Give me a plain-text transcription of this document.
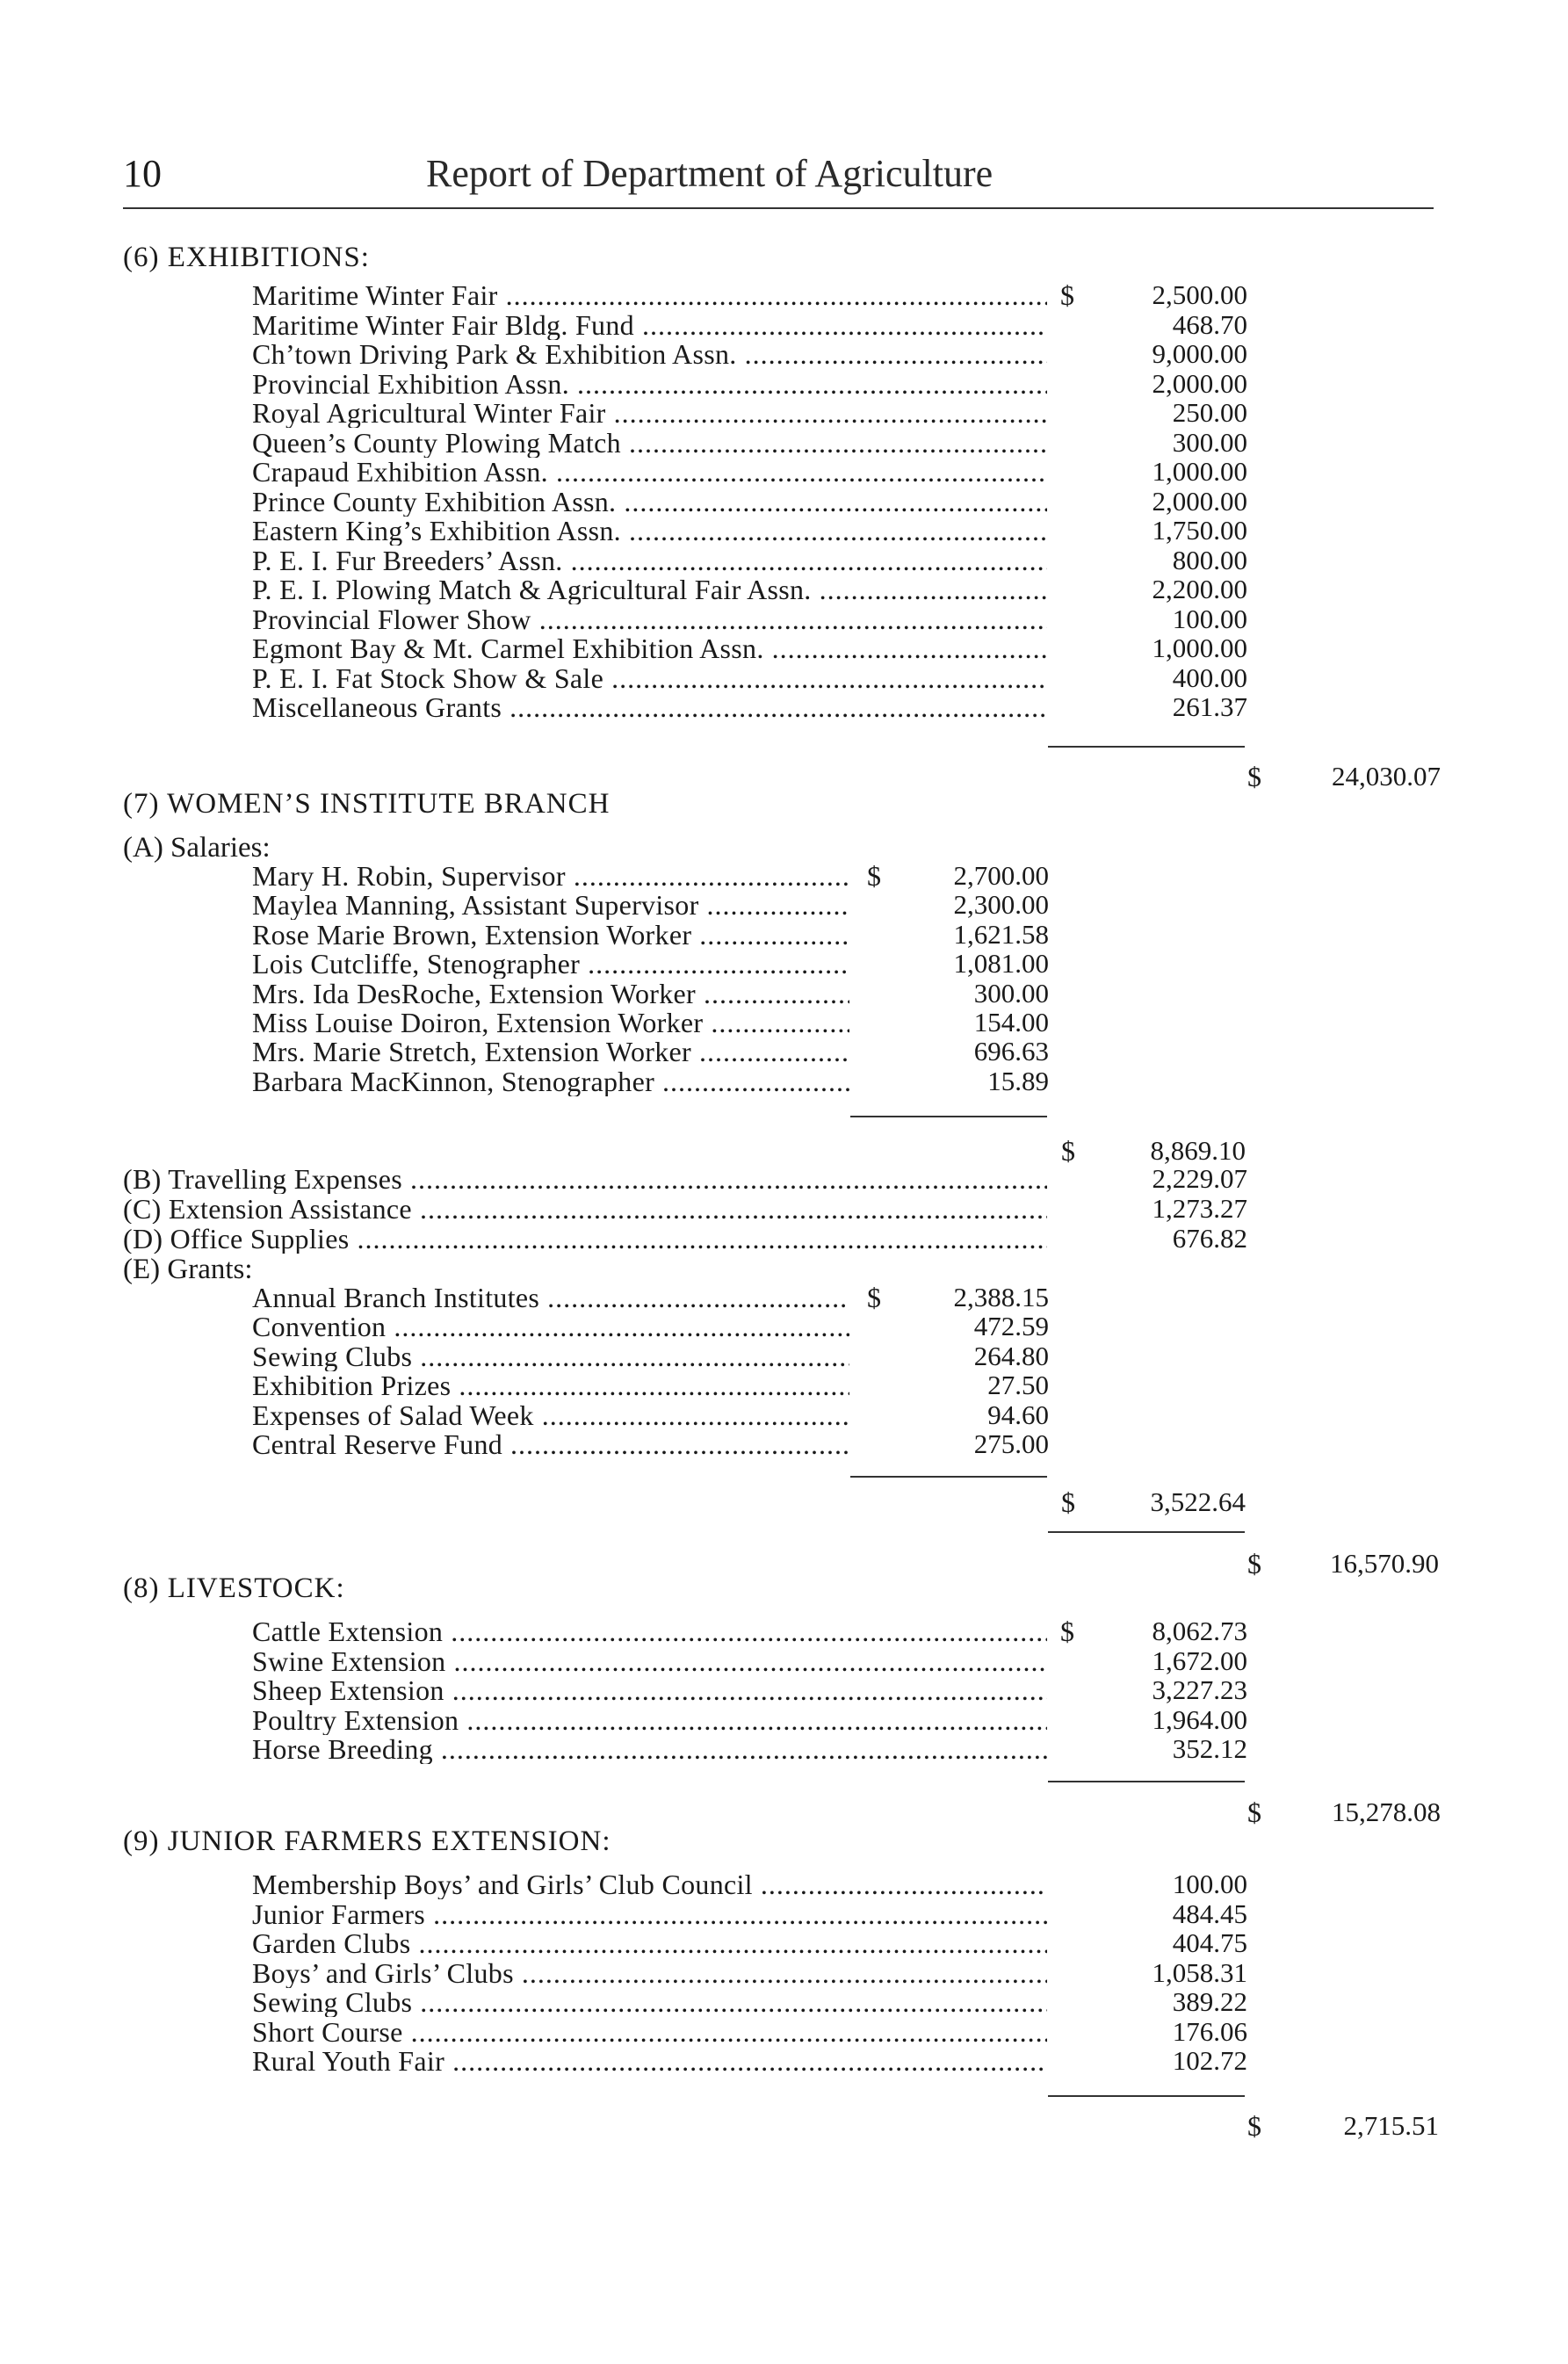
10	Report of Department of Agriculture
(6) EXHIBITIONS:
Maritime Winter Fair .....	$	2,500.00
Maritime Winter Fair Bldg. Fund .....	468.70
Ch’town Driving Park & Exhibition Assn. .....	9,000.00
Provincial Exhibition Assn. .....	2,000.00
Royal Agricultural Winter Fair .....	250.00
Queen’s County Plowing Match .....	300.00
Crapaud Exhibition Assn. .....	1,000.00
Prince County Exhibition Assn. .....	2,000.00
Eastern King’s Exhibition Assn. .....	1,750.00
P. E. I. Fur Breeders’ Assn. .....	800.00
P. E. I. Plowing Match & Agricultural Fair Assn. .....	2,200.00
Provincial Flower Show .....	100.00
Egmont Bay & Mt. Carmel Exhibition Assn. .....	1,000.00
P. E. I. Fat Stock Show & Sale .....	400.00
Miscellaneous Grants .....	261.37
$	24,030.07
(7) WOMEN’S INSTITUTE BRANCH
(A) Salaries:
Mary H. Robin, Supervisor .....	$	2,700.00
Maylea Manning, Assistant Supervisor .....	2,300.00
Rose Marie Brown, Extension Worker .....	1,621.58
Lois Cutcliffe, Stenographer .....	1,081.00
Mrs. Ida DesRoche, Extension Worker .....	300.00
Miss Louise Doiron, Extension Worker .....	154.00
Mrs. Marie Stretch, Extension Worker .....	696.63
Barbara MacKinnon, Stenographer .....	15.89
$	8,869.10
(B) Travelling Expenses .....	2,229.07
(C) Extension Assistance .....	1,273.27
(D) Office Supplies .....	676.82
(E) Grants:
Annual Branch Institutes .....	$	2,388.15
Convention .....	472.59
Sewing Clubs .....	264.80
Exhibition Prizes .....	27.50
Expenses of Salad Week .....	94.60
Central Reserve Fund .....	275.00
$	3,522.64
$	16,570.90
(8) LIVESTOCK:
Cattle Extension .....	$	8,062.73
Swine Extension .....	1,672.00
Sheep Extension .....	3,227.23
Poultry Extension .....	1,964.00
Horse Breeding .....	352.12
$	15,278.08
(9) JUNIOR FARMERS EXTENSION:
Membership Boys’ and Girls’ Club Council .....	100.00
Junior Farmers .....	484.45
Garden Clubs .....	404.75
Boys’ and Girls’ Clubs .....	1,058.31
Sewing Clubs .....	389.22
Short Course .....	176.06
Rural Youth Fair .....	102.72
$	2,715.51
